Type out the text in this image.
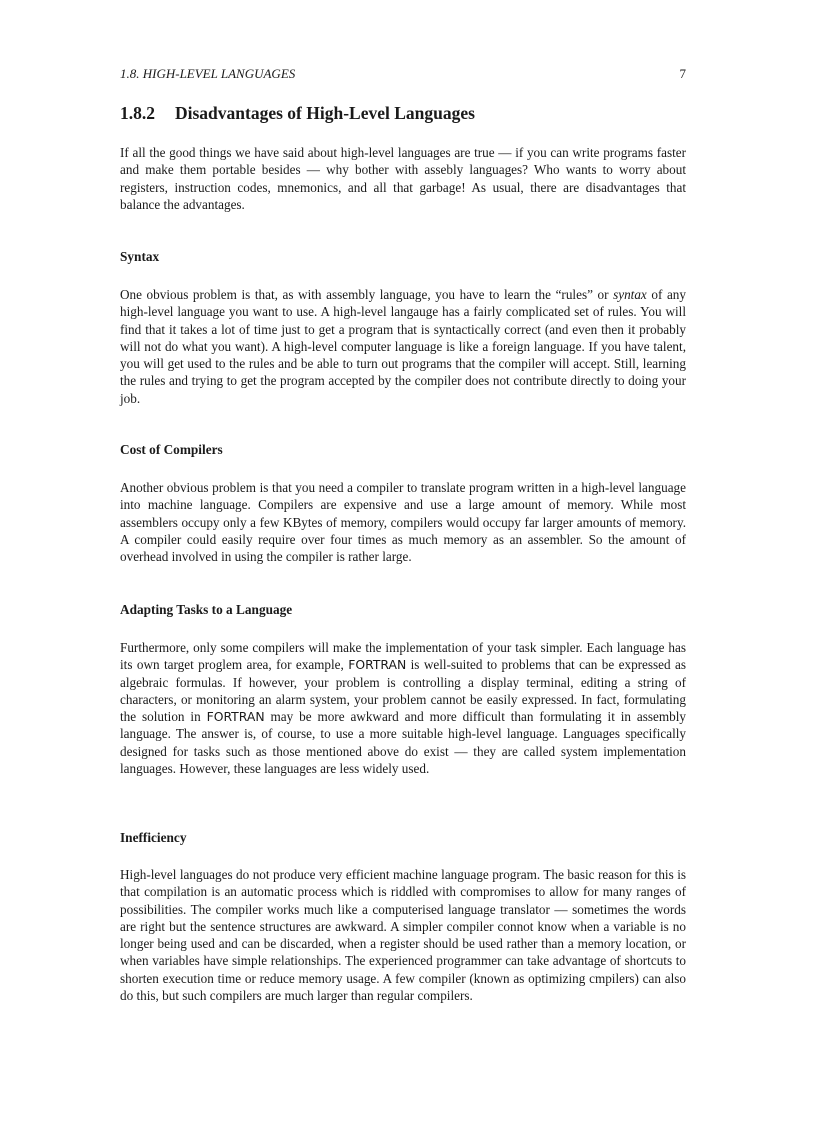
1.8. HIGH-LEVEL LANGUAGES	7
1.8.2 Disadvantages of High-Level Languages

If all the good things we have said about high-level languages are true — if you can write programs faster and make them portable besides — why bother with assebly languages? Who wants to worry about registers, instruction codes, mnemonics, and all that garbage! As usual, there are disadvantages that balance the advantages.

Syntax

One obvious problem is that, as with assembly language, you have to learn the “rules” or syntax of any high-level language you want to use. A high-level langauge has a fairly complicated set of rules. You will find that it takes a lot of time just to get a program that is syntactically correct (and even then it probably will not do what you want). A high-level computer language is like a foreign language. If you have talent, you will get used to the rules and be able to turn out programs that the compiler will accept. Still, learning the rules and trying to get the program accepted by the compiler does not contribute directly to doing your job.

Cost of Compilers

Another obvious problem is that you need a compiler to translate program written in a high-level language into machine language. Compilers are expensive and use a large amount of memory. While most assemblers occupy only a few KBytes of memory, compilers would occupy far larger amounts of memory. A compiler could easily require over four times as much memory as an assembler. So the amount of overhead involved in using the compiler is rather large.

Adapting Tasks to a Language

Furthermore, only some compilers will make the implementation of your task simpler. Each language has its own target proglem area, for example, FORTRAN is well-suited to problems that can be expressed as algebraic formulas. If however, your problem is controlling a display terminal, editing a string of characters, or monitoring an alarm system, your problem cannot be easily expressed. In fact, formulating the solution in FORTRAN may be more awkward and more difficult than formulating it in assembly language. The answer is, of course, to use a more suitable high-level language. Languages specifically designed for tasks such as those mentioned above do exist — they are called system implementation languages. However, these languages are less widely used.

Inefficiency

High-level languages do not produce very efficient machine language program. The basic reason for this is that compilation is an automatic process which is riddled with compromises to allow for many ranges of possibilities. The compiler works much like a computerised language translator — sometimes the words are right but the sentence structures are awkward. A simpler compiler connot know when a variable is no longer being used and can be discarded, when a register should be used rather than a memory location, or when variables have simple relationships. The experienced programmer can take advantage of shortcuts to shorten execution time or reduce memory usage. A few compiler (known as optimizing cmpilers) can also do this, but such compilers are much larger than regular compilers.
